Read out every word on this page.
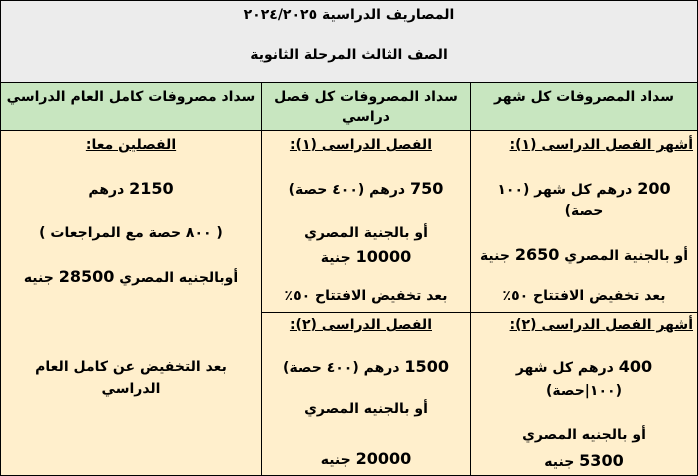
المصاريف الدراسية ٢٠٢٤/٢٠٢٥
الصف الثالث المرحلة الثانوية
سداد المصروفات كل شهر
سداد المصروفات كل فصل
دراسي
سداد مصروفات كامل العام الدراسي
أشهر الفصل الدراسى (١):
200 درهم كل شهر (١٠٠
حصة)
أو بالجنية المصري 2650 جنية
بعد تخفيض الافتتاح ٥٠٪
أشهر الفصل الدراسى (٢):
400 درهم كل شهر
(١٠٠|حصة)
أو بالجنيه المصري
5300 جنيه
الفصل الدراسى (١):
750 درهم (٤٠٠ حصة)
أو بالجنية المصري
10000 جنية
بعد تخفيض الافتتاح ٥٠٪
الفصل الدراسى (٢):
1500 درهم (٤٠٠ حصة)
أو بالجنيه المصري
20000 جنيه
الفصلين معا:
2150 درهم
( ٨٠٠ حصة مع المراجعات )
أوبالجنيه المصري 28500 جنيه
بعد التخفيض عن كامل العام
الدراسي
